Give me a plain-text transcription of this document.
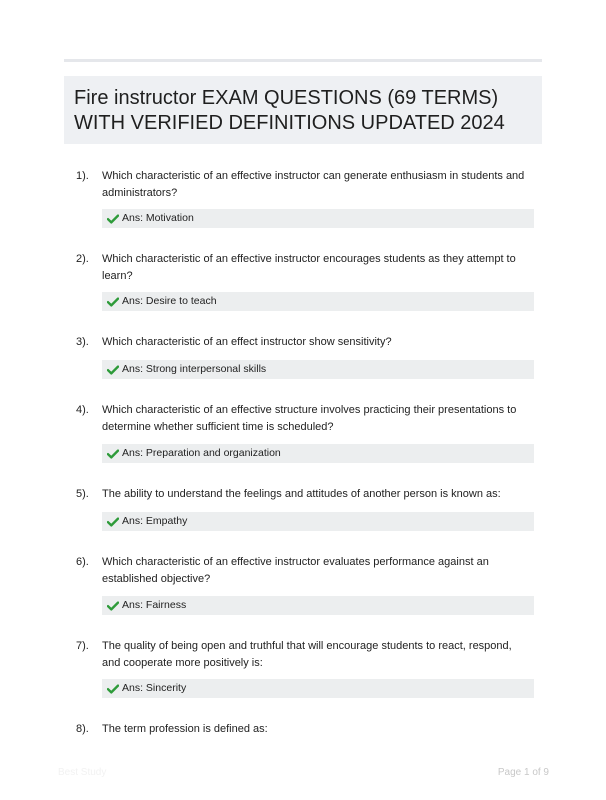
Fire instructor EXAM QUESTIONS (69 TERMS)
WITH VERIFIED DEFINITIONS UPDATED 2024
1). Which characteristic of an effective instructor can generate enthusiasm in students and administrators?
Ans: Motivation
2). Which characteristic of an effective instructor encourages students as they attempt to learn?
Ans: Desire to teach
3). Which characteristic of an effect instructor show sensitivity?
Ans: Strong interpersonal skills
4). Which characteristic of an effective structure involves practicing their presentations to determine whether sufficient time is scheduled?
Ans: Preparation and organization
5). The ability to understand the feelings and attitudes of another person is known as:
Ans: Empathy
6). Which characteristic of an effective instructor evaluates performance against an established objective?
Ans: Fairness
7). The quality of being open and truthful that will encourage students to react, respond, and cooperate more positively is:
Ans: Sincerity
8). The term profession is defined as:
Best Study	Page 1 of 9
